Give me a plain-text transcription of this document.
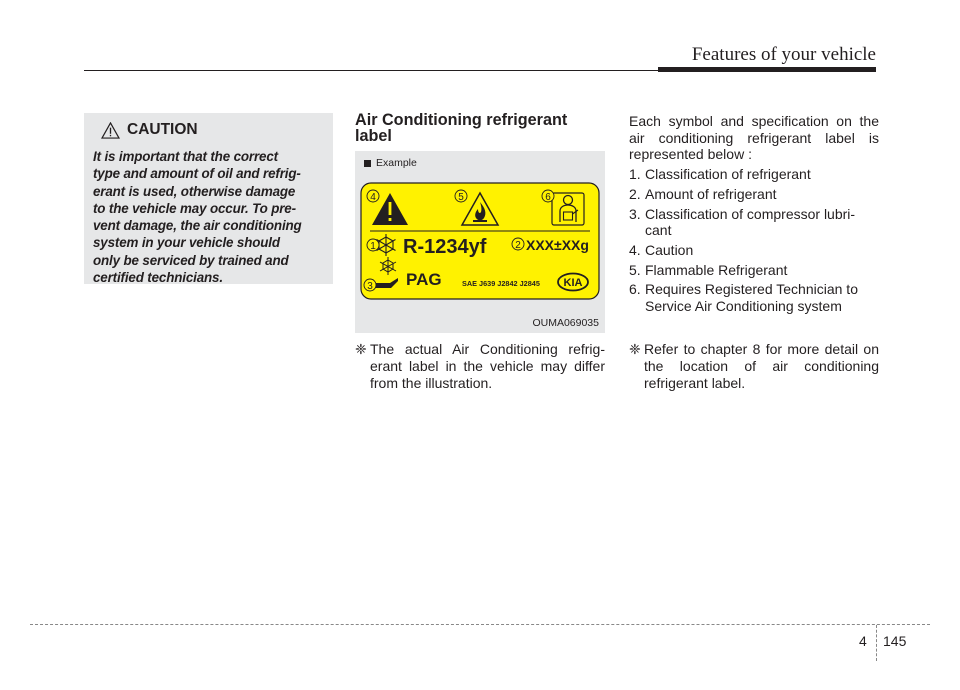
Features of your vehicle
CAUTION
It is important that the correct
type and amount of oil and refrig-
erant is used, otherwise damage
to the vehicle may occur. To pre-
vent damage, the air conditioning
system in your vehicle should
only be serviced by trained and
certified technicians.
Air Conditioning refrigerant label
Example
R-1234yf	XXX±XXg
PAG	SAE J639 J2842 J2845 KIA
1	2
3
4	5	6
OUMA069035
❈ The actual Air Conditioning refrig-erant label in the vehicle may differ from the illustration.
Each symbol and specification on the air conditioning refrigerant label is represented below :
1. Classification of refrigerant
2. Amount of refrigerant
3. Classification of compressor lubri-cant
4. Caution
5. Flammable Refrigerant
6. Requires Registered Technician to Service Air Conditioning system
❈ Refer to chapter 8 for more detail on the location of air conditioning refrigerant label.
4 145
